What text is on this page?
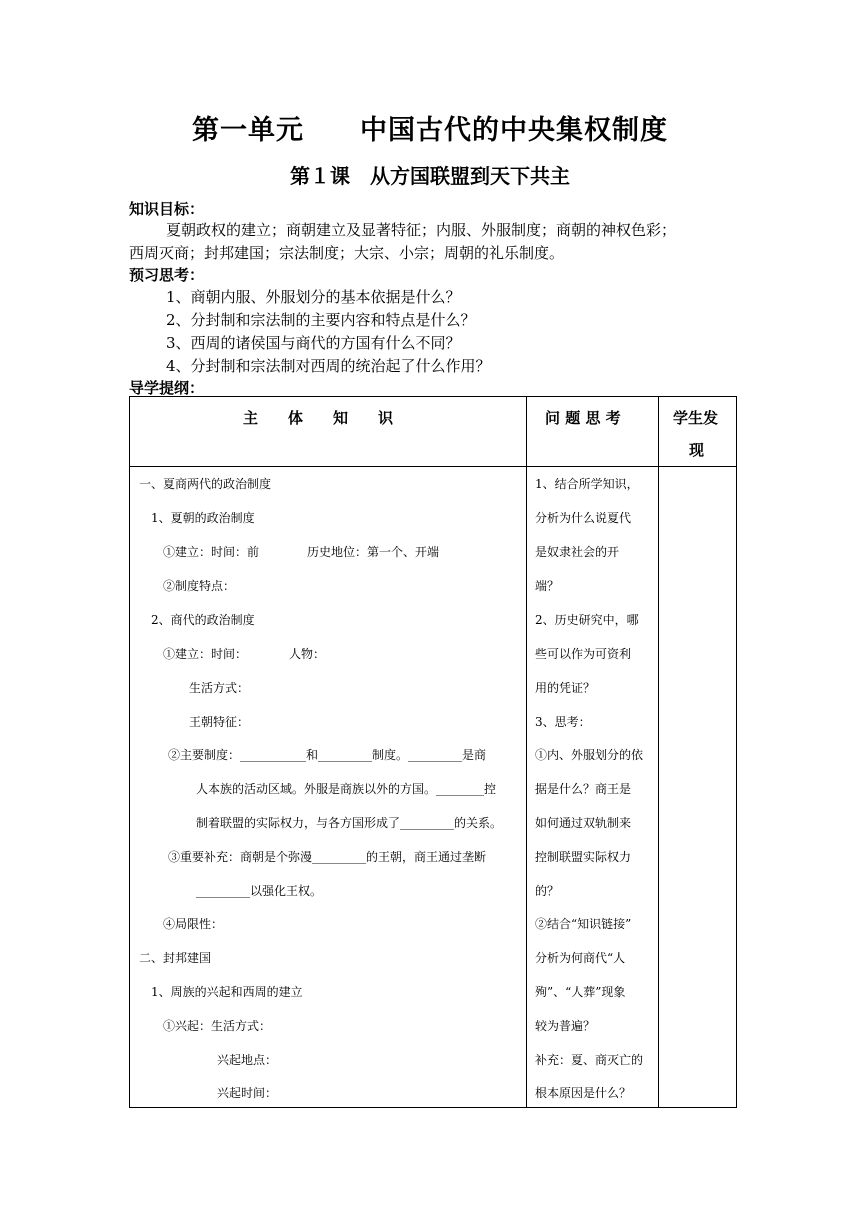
第一单元　　中国古代的中央集权制度
第１课　从方国联盟到天下共主
知识目标：
夏朝政权的建立；商朝建立及显著特征；内服、外服制度；商朝的神权色彩；
西周灭商；封邦建国；宗法制度；大宗、小宗；周朝的礼乐制度。
预习思考：
1、商朝内服、外服划分的基本依据是什么？
2、分封制和宗法制的主要内容和特点是什么？
3、西周的诸侯国与商代的方国有什么不同？
4、分封制和宗法制对西周的统治起了什么作用？
导学提纲：
主　　体　　知　　识	问 题 思 考	学生发
现
一、夏商两代的政治制度
1、夏朝的政治制度
①建立：时间：前　　　　历史地位：第一个、开端
②制度特点：
2、商代的政治制度
①建立：时间：　　　　人物：
生活方式：
王朝特征：
②主要制度：___________和_________制度。_________是商
人本族的活动区域。外服是商族以外的方国。________控
制着联盟的实际权力，与各方国形成了_________的关系。
③重要补充：商朝是个弥漫_________的王朝，商王通过垄断
_________以强化王权。
④局限性：
二、封邦建国
1、周族的兴起和西周的建立
①兴起：生活方式：
兴起地点：
兴起时间：
1、结合所学知识，
分析为什么说夏代
是奴隶社会的开
端？
2、历史研究中，哪
些可以作为可资利
用的凭证？
3、思考：
①内、外服划分的依
据是什么？商王是
如何通过双轨制来
控制联盟实际权力
的？
②结合“知识链接”
分析为何商代“人
殉”、“人葬”现象
较为普遍？
补充：夏、商灭亡的
根本原因是什么？
